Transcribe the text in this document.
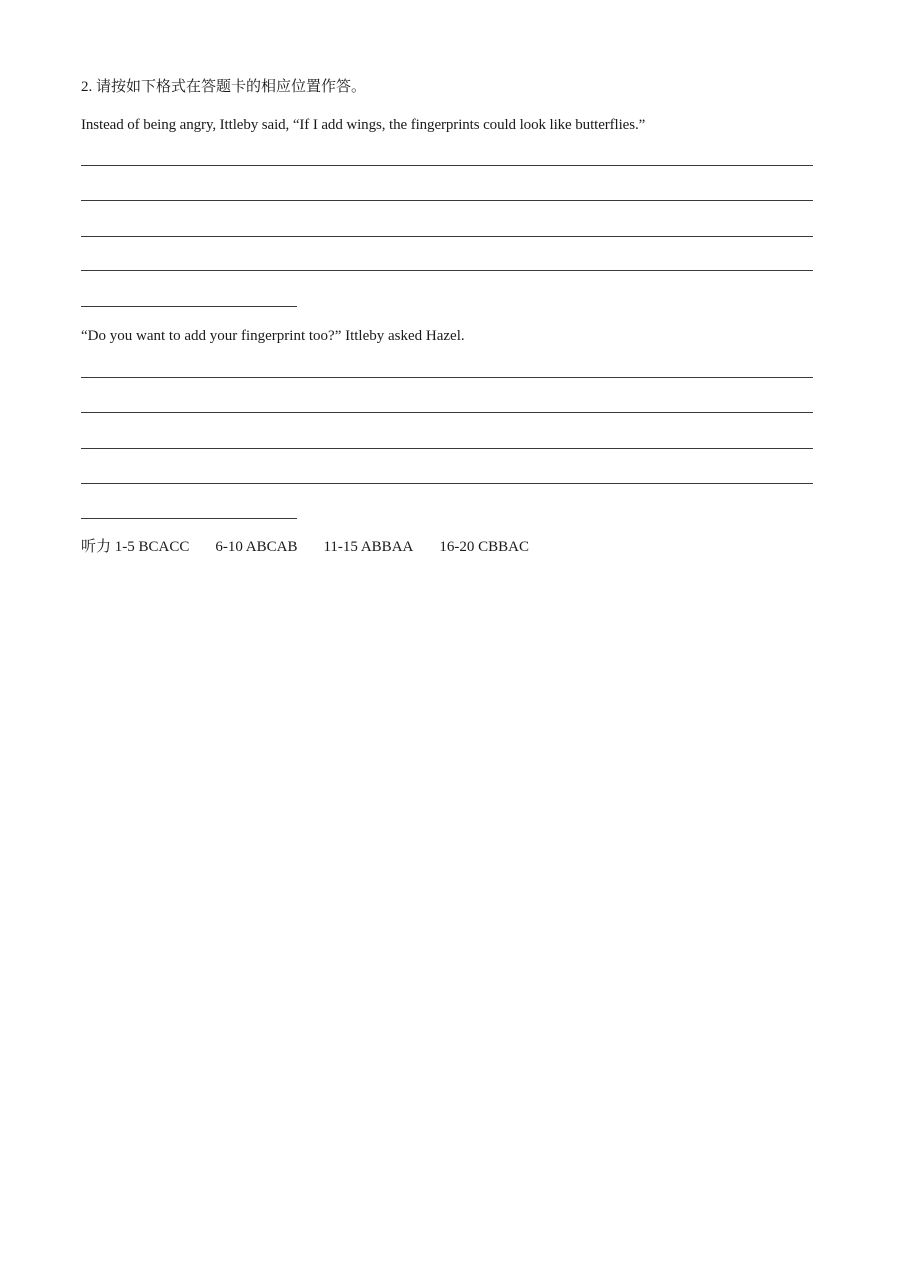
2. 请按如下格式在答题卡的相应位置作答。
Instead of being angry, Ittleby said, “If I add wings, the fingerprints could look like butterflies.”
“Do you want to add your fingerprint too?” Ittleby asked Hazel.
听力 1-5 BCACC 6-10 ABCAB 11-15 ABBAA 16-20 CBBAC
